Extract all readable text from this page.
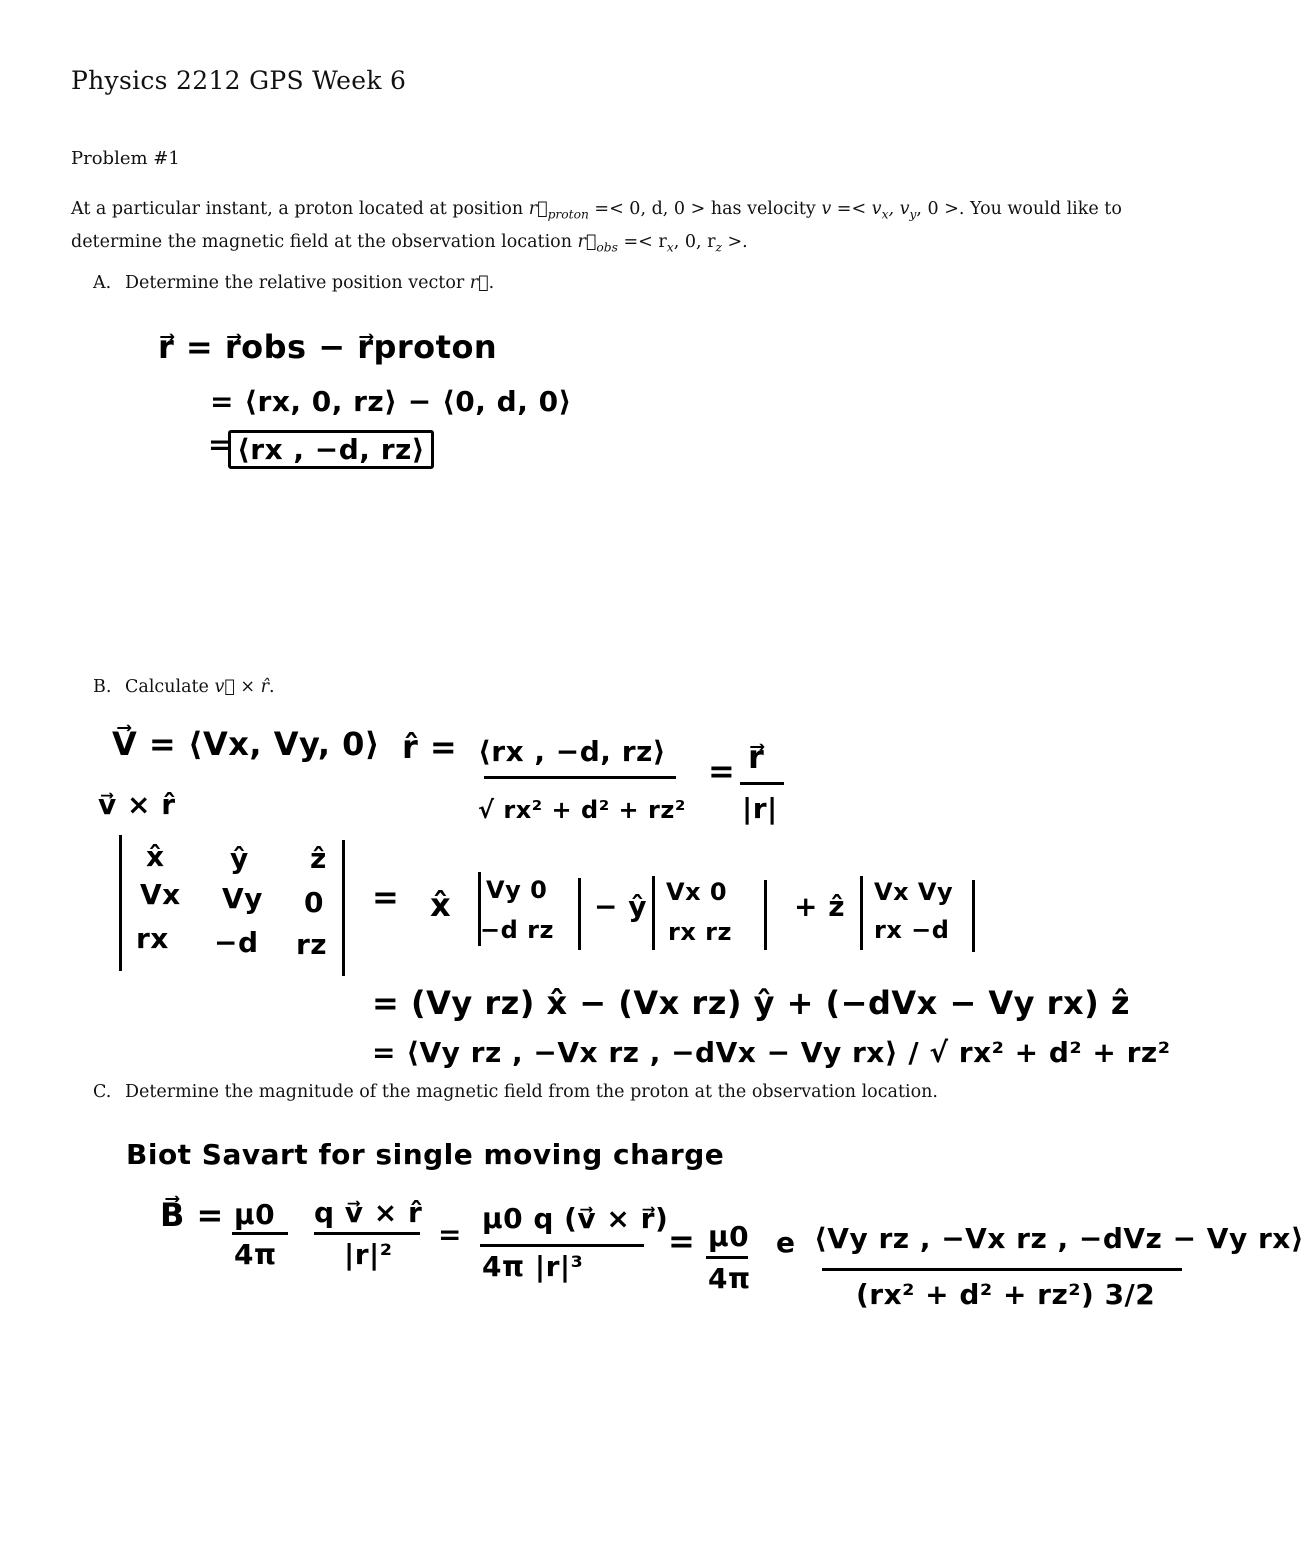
Physics 2212 GPS Week 6
Problem #1
At a particular instant, a proton located at position $r⃗_{proton} =< 0$, d, 0 > has velocity $v =< v_x$, $v_y$, 0 >. You would like to determine the magnetic field at the observation location $r⃗_{obs} =< r_x$, 0, $r_z$ >.
A. Determine the relative position vector r⃗.
r⃗ = r⃗obs − r⃗proton
= ⟨rx, 0, rz⟩ − ⟨0, d, 0⟩
= ⟨rx , −d, rz⟩
B. Calculate v⃗ × r̂.
V⃗ = ⟨Vx, Vy, 0⟩ r̂ = ⟨rx , −d, rz⟩
√ rx² + d² + rz²
= r⃗
|r|
v⃗ × r̂
x̂ ŷ ẑ
Vx Vy 0
rx −d rz
= x̂ Vy 0
−d rz
− ŷ Vx 0
rx rz
+ ẑ Vx Vy
rx −d
= (Vy rz) x̂ − (Vx rz) ŷ + (−dVx − Vy rx) ẑ
= ⟨Vy rz , −Vx rz , −dVx − Vy rx⟩ / √ rx² + d² + rz²
C. Determine the magnitude of the magnetic field from the proton at the observation location.
Biot Savart for single moving charge
B⃗ = μ0
4π
q v⃗ × r̂
|r|²
= μ0 q (v⃗ × r⃗)
4π |r|³
= μ0
4π
e ⟨Vy rz , −Vx rz , −dVz − Vy rx⟩
(rx² + d² + rz²) 3/2
